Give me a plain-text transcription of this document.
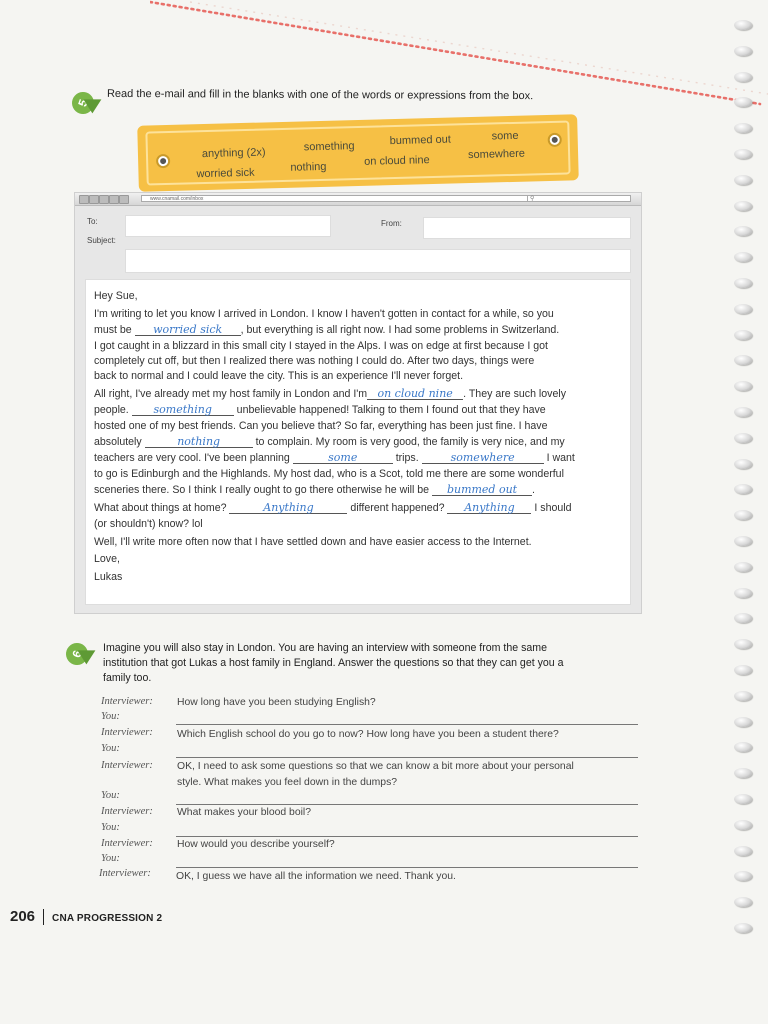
5
Read the e-mail and fill in the blanks with one of the words or expressions from the box.
anything (2x)	something	bummed out	some
worried sick	nothing	on cloud nine	somewhere
www.cnamail.com/inbox	⚲
To:	From:
Subject:
Hey Sue,
I'm writing to let you know I arrived in London. I know I haven't gotten in contact for a while, so you
must be worried sick , but everything is all right now. I had some problems in Switzerland.
I got caught in a blizzard in this small city I stayed in the Alps. I was on edge at first because I got
completely cut off, but then I realized there was nothing I could do. After two days, things were
back to normal and I could leave the city. This is an experience I'll never forget.
All right, I've already met my host family in London and I'm on cloud nine . They are such lovely
people. something unbelievable happened! Talking to them I found out that they have
hosted one of my best friends. Can you believe that? So far, everything has been just fine. I have
absolutely	nothing	to complain. My room is very good, the family is very nice, and my
teachers are very cool. I've been planning	some	trips.	somewhere	I want
to go is Edinburgh and the Highlands. My host dad, who is a Scot, told me there are some wonderful
sceneries there. So I think I really ought to go there otherwise he will be bummed out .
What about things at home?	Anything	different happened? Anything I should
(or shouldn't) know? lol
Well, I'll write more often now that I have settled down and have easier access to the Internet.
Love,
Lukas
6 Imagine you will also stay in London. You are having an interview with someone from the same
institution that got Lukas a host family in England. Answer the questions so that they can get you a
family too.
Interviewer: How long have you been studying English?
You:
Interviewer: Which English school do you go to now? How long have you been a student there?
You:
Interviewer: OK, I need to ask some questions so that we can know a bit more about your personal
style. What makes you feel down in the dumps?
You:
Interviewer: What makes your blood boil?
You:
Interviewer: How would you describe yourself?
You:
Interviewer: OK, I guess we have all the information we need. Thank you.
206 CNA PROGRESSION 2
